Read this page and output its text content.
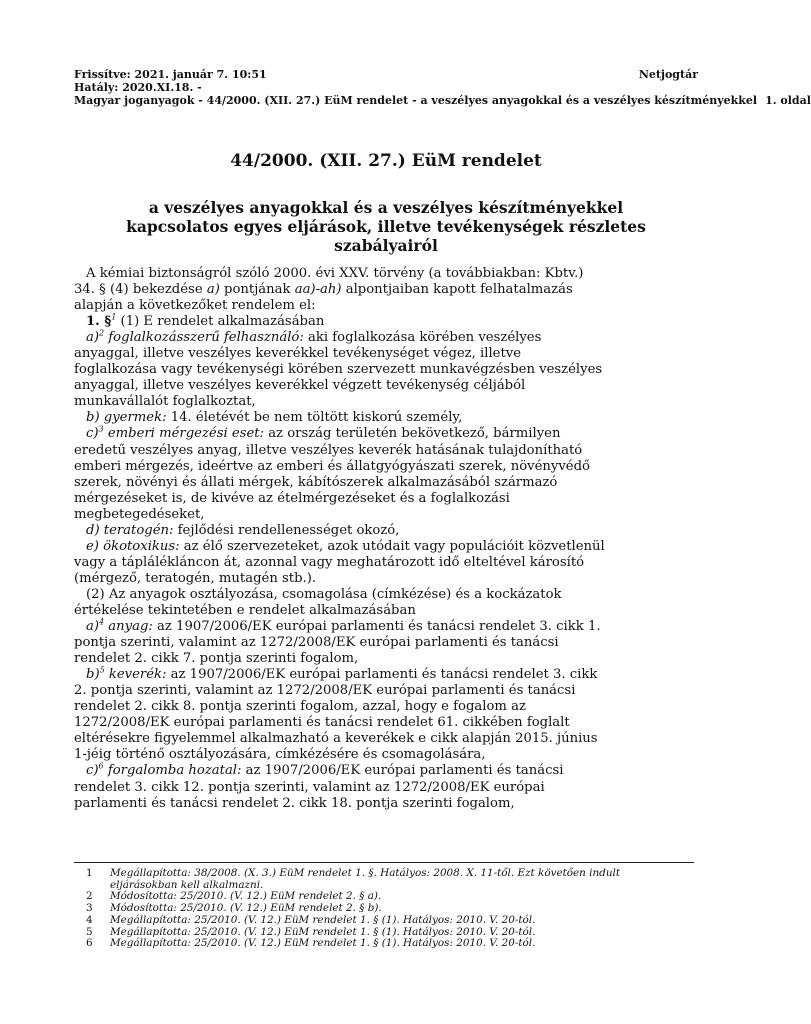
Frissítve: 2021. január 7. 10:51	Netjogtár
Hatály: 2020.XI.18. -
Magyar joganyagok - 44/2000. (XII. 27.) EüM rendelet - a veszélyes anyagokkal és a veszélyes készítményekkel 1. oldal
44/2000. (XII. 27.) EüM rendelet
a veszélyes anyagokkal és a veszélyes készítményekkel
kapcsolatos egyes eljárások, illetve tevékenységek részletes
szabályairól

A kémiai biztonságról szóló 2000. évi XXV. törvény (a továbbiakban: Kbtv.)

34. § (4) bekezdése a) pontjának aa)-ah) alpontjaiban kapott felhatalmazás

alapján a következőket rendelem el:

1. §$^1$ (1) E rendelet alkalmazásában

a)$^2$ foglalkozásszerű felhasználó: aki foglalkozása körében veszélyes

anyaggal, illetve veszélyes keverékkel tevékenységet végez, illetve

foglalkozása vagy tevékenységi körében szervezett munkavégzésben veszélyes

anyaggal, illetve veszélyes keverékkel végzett tevékenység céljából

munkavállalót foglalkoztat,

b) gyermek: 14. életévét be nem töltött kiskorú személy,

c)$^3$ emberi mérgezési eset: az ország területén bekövetkező, bármilyen

eredetű veszélyes anyag, illetve veszélyes keverék hatásának tulajdonítható

emberi mérgezés, ideértve az emberi és állatgyógyászati szerek, növényvédő

szerek, növényi és állati mérgek, kábítószerek alkalmazásából származó

mérgezéseket is, de kivéve az ételmérgezéseket és a foglalkozási

megbetegedéseket,

d) teratogén: fejlődési rendellenességet okozó,

e) ökotoxikus: az élő szervezeteket, azok utódait vagy populációit közvetlenül

vagy a táplálékláncon át, azonnal vagy meghatározott idő elteltével károsító

(mérgező, teratogén, mutagén stb.).

(2) Az anyagok osztályozása, csomagolása (címkézése) és a kockázatok

értékelése tekintetében e rendelet alkalmazásában

a)$^4$ anyag: az 1907/2006/EK európai parlamenti és tanácsi rendelet 3. cikk 1.

pontja szerinti, valamint az 1272/2008/EK európai parlamenti és tanácsi

rendelet 2. cikk 7. pontja szerinti fogalom,

b)$^5$ keverék: az 1907/2006/EK európai parlamenti és tanácsi rendelet 3. cikk

2. pontja szerinti, valamint az 1272/2008/EK európai parlamenti és tanácsi

rendelet 2. cikk 8. pontja szerinti fogalom, azzal, hogy e fogalom az

1272/2008/EK európai parlamenti és tanácsi rendelet 61. cikkében foglalt

eltérésekre figyelemmel alkalmazható a keverékek e cikk alapján 2015. június

1-jéig történő osztályozására, címkézésére és csomagolására,

c)$^6$ forgalomba hozatal: az 1907/2006/EK európai parlamenti és tanácsi

rendelet 3. cikk 12. pontja szerinti, valamint az 1272/2008/EK európai

parlamenti és tanácsi rendelet 2. cikk 18. pontja szerinti fogalom,

1	Megállapította: 38/2008. (X. 3.) EüM rendelet 1. §. Hatályos: 2008. X. 11-től. Ezt követően indult
eljárásokban kell alkalmazni.
2	Módosította: 25/2010. (V. 12.) EüM rendelet 2. § a).
3	Módosította: 25/2010. (V. 12.) EüM rendelet 2. § b).
4	Megállapította: 25/2010. (V. 12.) EüM rendelet 1. § (1). Hatályos: 2010. V. 20-tól.
5	Megállapította: 25/2010. (V. 12.) EüM rendelet 1. § (1). Hatályos: 2010. V. 20-tól.
6	Megállapította: 25/2010. (V. 12.) EüM rendelet 1. § (1). Hatályos: 2010. V. 20-tól.
